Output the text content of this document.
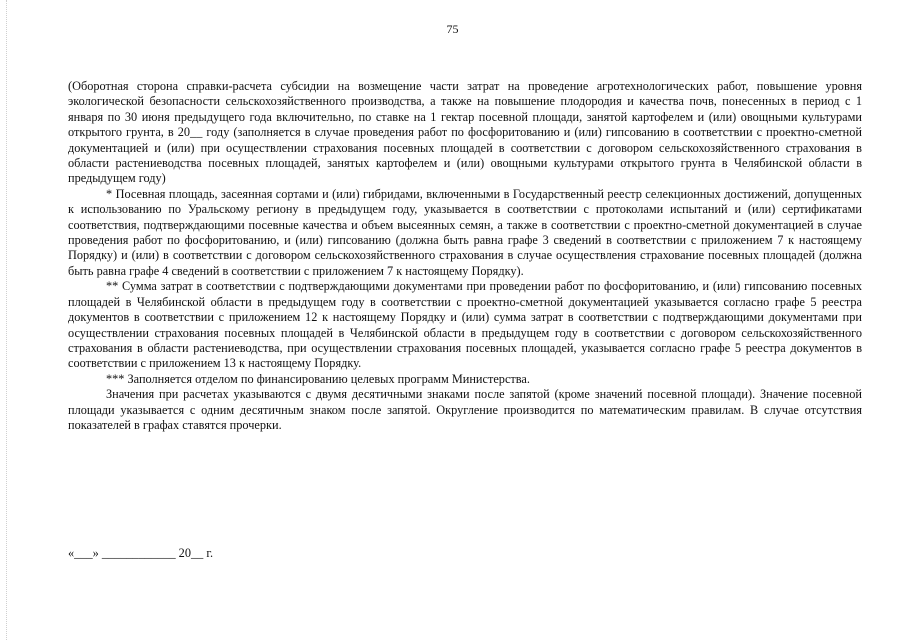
75

(Оборотная сторона справки-расчета субсидии на возмещение части затрат на проведение агротехнологических работ, повышение уровня экологической безопасности сельскохозяйственного производства, а также на повышение плодородия и качества почв, понесенных в период с 1 января по 30 июня предыдущего года включительно, по ставке на 1 гектар посевной площади, занятой картофелем и (или) овощными культурами открытого грунта, в 20__ году (заполняется в случае проведения работ по фосфоритованию и (или) гипсованию в соответствии с проектно-сметной документацией и (или) при осуществлении страхования посевных площадей в соответствии с договором сельскохозяйственного страхования в области растениеводства посевных площадей, занятых картофелем и (или) овощными культурами открытого грунта в Челябинской области в предыдущем году)

* Посевная площадь, засеянная сортами и (или) гибридами, включенными в Государственный реестр селекционных достижений, допущенных к использованию по Уральскому региону в предыдущем году, указывается в соответствии с протоколами испытаний и (или) сертификатами соответствия, подтверждающими посевные качества и объем высеянных семян, а также в соответствии с проектно-сметной документацией в случае проведения работ по фосфоритованию, и (или) гипсованию (должна быть равна графе 3 сведений в соответствии с приложением 7 к настоящему Порядку) и (или) в соответствии с договором сельскохозяйственного страхования в случае осуществления страхование посевных площадей (должна быть равна графе 4 сведений в соответствии с приложением 7 к настоящему Порядку).

** Сумма затрат в соответствии с подтверждающими документами при проведении работ по фосфоритованию, и (или) гипсованию посевных площадей в Челябинской области в предыдущем году в соответствии с проектно-сметной документацией указывается согласно графе 5 реестра документов в соответствии с приложением 12 к настоящему Порядку и (или) сумма затрат в соответствии с подтверждающими документами при осуществлении страхования посевных площадей в Челябинской области в предыдущем году в соответствии с договором сельскохозяйственного страхования в области растениеводства, при осуществлении страхования посевных площадей, указывается согласно графе 5 реестра документов в соответствии с приложением 13 к настоящему Порядку.

*** Заполняется отделом по финансированию целевых программ Министерства.

Значения при расчетах указываются с двумя десятичными знаками после запятой (кроме значений посевной площади). Значение посевной площади указывается с одним десятичным знаком после запятой. Округление производится по математическим правилам. В случае отсутствия показателей в графах ставятся прочерки.

«___» ____________ 20__ г.
